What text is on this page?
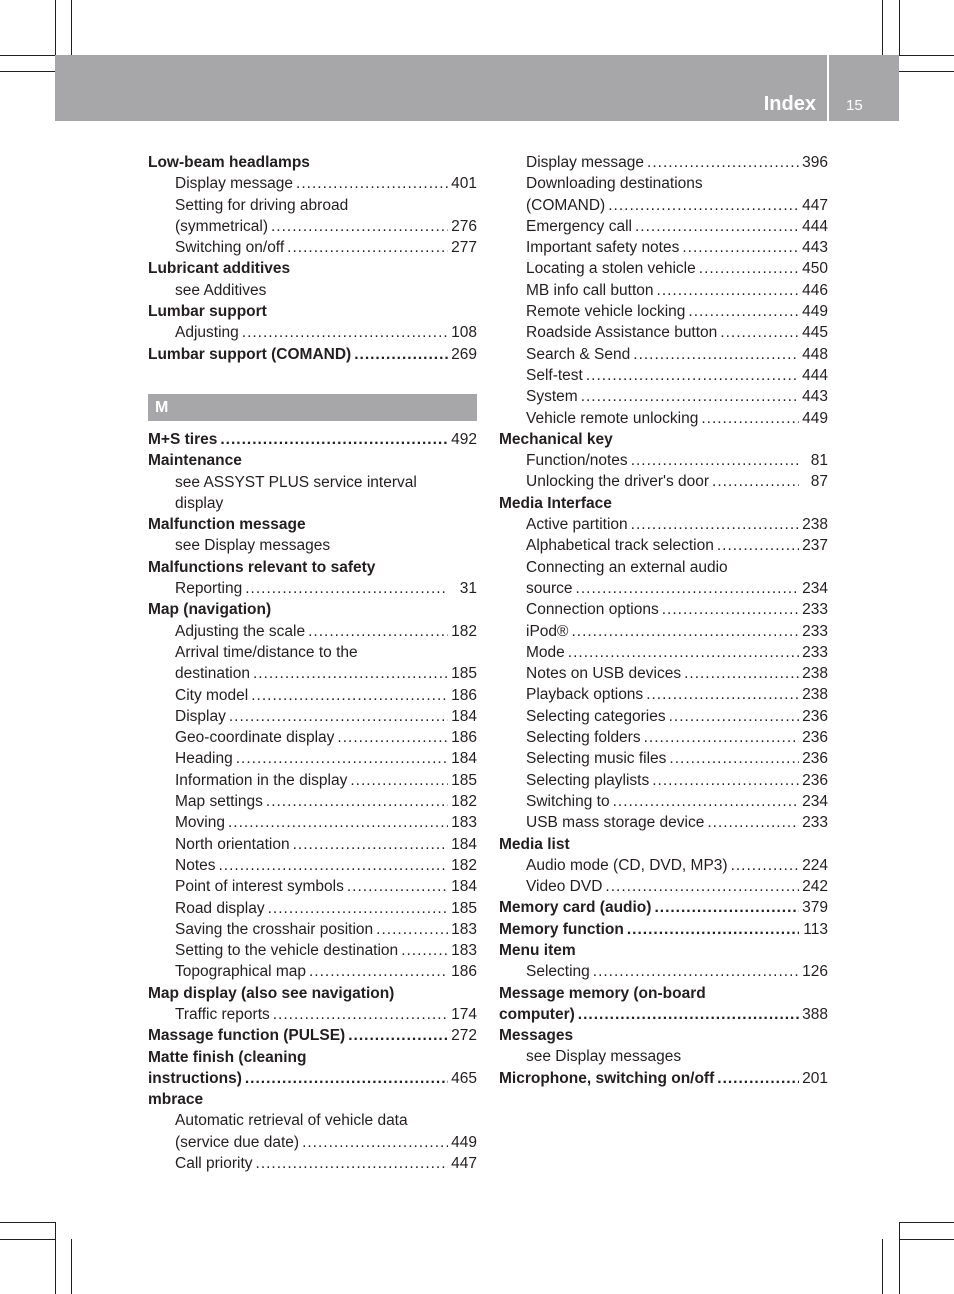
Index 15
Low-beam headlamps
Display message .....	401
Setting for driving abroad
(symmetrical) .....	276
Switching on/off .....	277
Lubricant additives
see Additives
Lumbar support
Adjusting .....	108
Lumbar support (COMAND) .....	269
M
M+S tires .....	492
Maintenance
see ASSYST PLUS service interval
display
Malfunction message
see Display messages
Malfunctions relevant to safety
Reporting .....	31
Map (navigation)
Adjusting the scale .....	182
Arrival time/distance to the
destination .....	185
City model .....	186
Display .....	184
Geo-coordinate display .....	186
Heading .....	184
Information in the display .....	185
Map settings .....	182
Moving .....	183
North orientation .....	184
Notes .....	182
Point of interest symbols .....	184
Road display .....	185
Saving the crosshair position .....	183
Setting to the vehicle destination .....	183
Topographical map .....	186
Map display (also see navigation)
Traffic reports .....	174
Massage function (PULSE) .....	272
Matte finish (cleaning
instructions) .....	465
mbrace
Automatic retrieval of vehicle data
(service due date) .....	449
Call priority .....	447
Display message .....	396
Downloading destinations
(COMAND) .....	447
Emergency call .....	444
Important safety notes .....	443
Locating a stolen vehicle .....	450
MB info call button .....	446
Remote vehicle locking .....	449
Roadside Assistance button .....	445
Search & Send .....	448
Self-test .....	444
System .....	443
Vehicle remote unlocking .....	449
Mechanical key
Function/notes .....	81
Unlocking the driver's door .....	87
Media Interface
Active partition .....	238
Alphabetical track selection .....	237
Connecting an external audio
source .....	234
Connection options .....	233
iPod® .....	233
Mode .....	233
Notes on USB devices .....	238
Playback options .....	238
Selecting categories .....	236
Selecting folders .....	236
Selecting music files .....	236
Selecting playlists .....	236
Switching to .....	234
USB mass storage device .....	233
Media list
Audio mode (CD, DVD, MP3) .....	224
Video DVD .....	242
Memory card (audio) .....	379
Memory function .....	113
Menu item
Selecting .....	126
Message memory (on-board
computer) .....	388
Messages
see Display messages
Microphone, switching on/off .....	201
